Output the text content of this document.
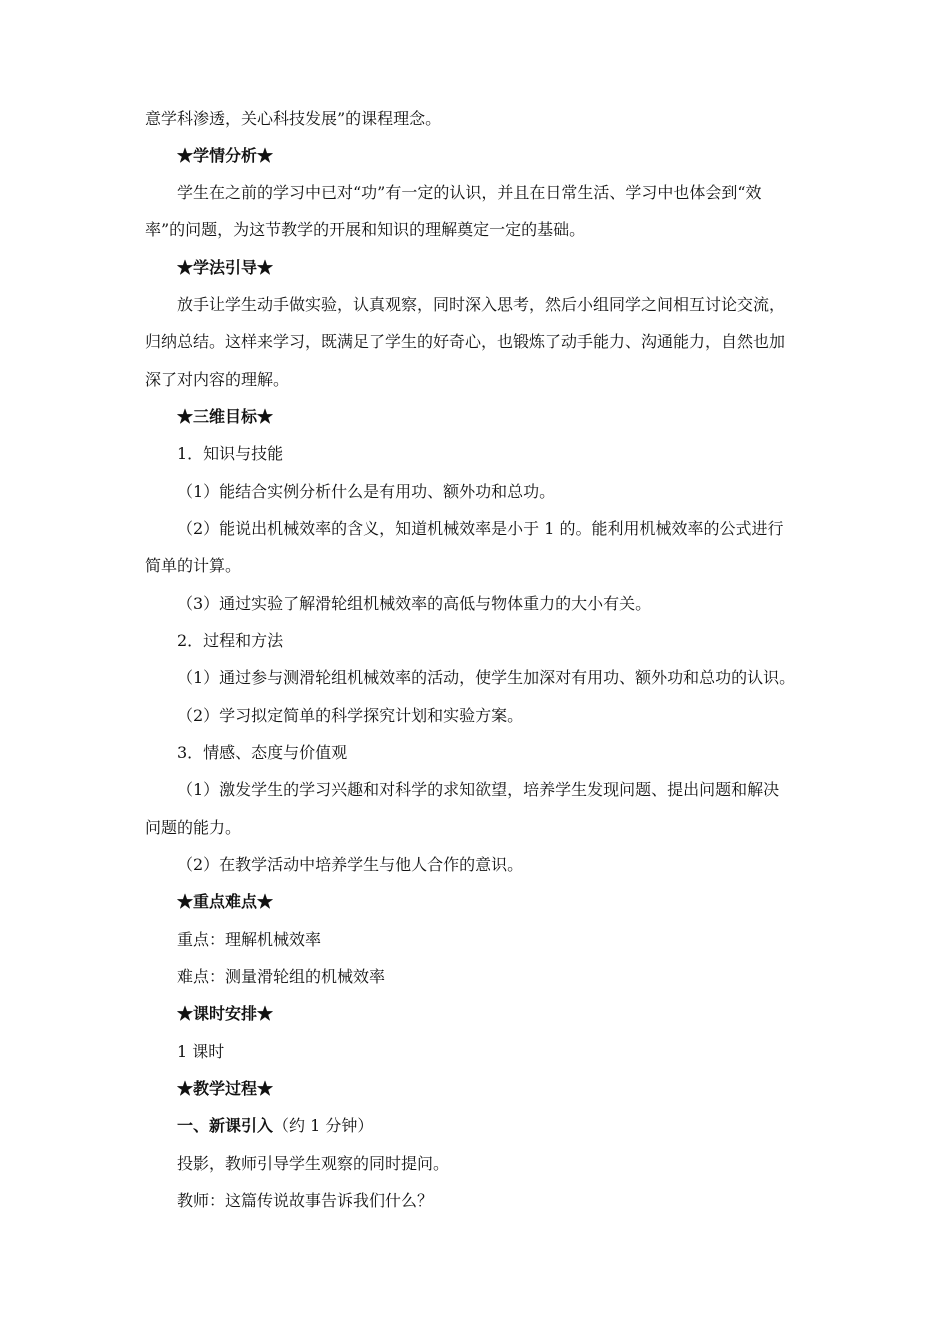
意学科渗透，关心科技发展”的课程理念。
★学情分析★
学生在之前的学习中已对“功”有一定的认识，并且在日常生活、学习中也体会到“效
率”的问题，为这节教学的开展和知识的理解奠定一定的基础。
★学法引导★
放手让学生动手做实验，认真观察，同时深入思考，然后小组同学之间相互讨论交流，
归纳总结。这样来学习，既满足了学生的好奇心，也锻炼了动手能力、沟通能力，自然也加
深了对内容的理解。
★三维目标★
1．知识与技能
（1）能结合实例分析什么是有用功、额外功和总功。
（2）能说出机械效率的含义，知道机械效率是小于 1 的。能利用机械效率的公式进行
简单的计算。
（3）通过实验了解滑轮组机械效率的高低与物体重力的大小有关。
2．过程和方法
（1）通过参与测滑轮组机械效率的活动，使学生加深对有用功、额外功和总功的认识。
（2）学习拟定简单的科学探究计划和实验方案。
3．情感、态度与价值观
（1）激发学生的学习兴趣和对科学的求知欲望，培养学生发现问题、提出问题和解决
问题的能力。
（2）在教学活动中培养学生与他人合作的意识。
★重点难点★
重点：理解机械效率
难点：测量滑轮组的机械效率
★课时安排★
1 课时
★教学过程★
一、新课引入（约 1 分钟）
投影，教师引导学生观察的同时提问。
教师：这篇传说故事告诉我们什么？
